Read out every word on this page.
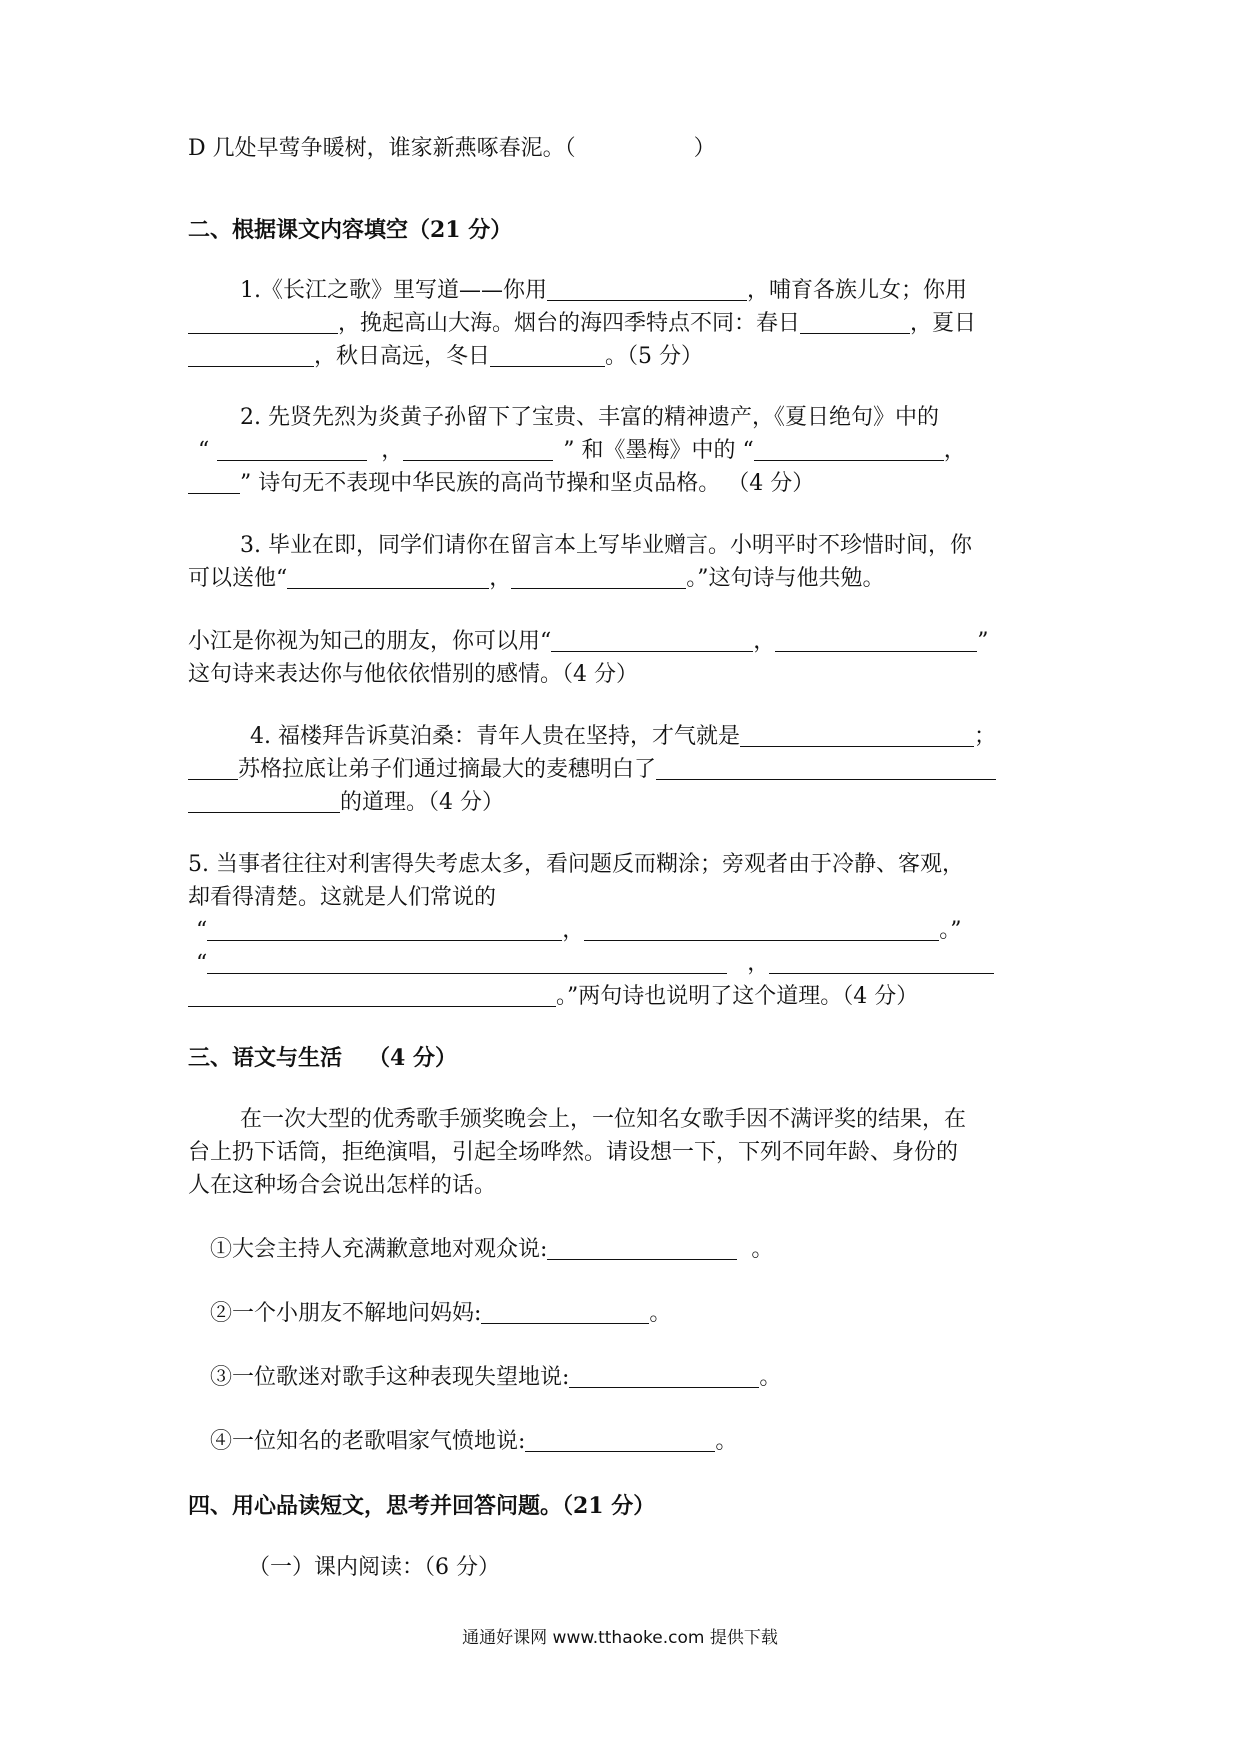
D 几处早莺争暖树，谁家新燕啄春泥。（	）
二、根据课文内容填空（21 分）
1.《长江之歌》里写道——你用	，哺育各族儿女；你用
，挽起高山大海。烟台的海四季特点不同：春日	，夏日
，秋日高远，冬日	。（5 分）
2. 先贤先烈为炎黄子孙留下了宝贵、丰富的精神遗产，《夏日绝句》中的
“	，	” 和《墨梅》中的 “	，
” 诗句无不表现中华民族的高尚节操和坚贞品格。 （4 分）
3. 毕业在即，同学们请你在留言本上写毕业赠言。小明平时不珍惜时间，你
可以送他“	，	。”这句诗与他共勉。
小江是你视为知己的朋友，你可以用“	，	”
这句诗来表达你与他依依惜别的感情。（4 分）
4. 福楼拜告诉莫泊桑：青年人贵在坚持，才气就是	；
苏格拉底让弟子们通过摘最大的麦穗明白了
的道理。（4 分）
5. 当事者往往对利害得失考虑太多，看问题反而糊涂；旁观者由于冷静、客观，
却看得清楚。这就是人们常说的
“	，	。”
“	，
。”两句诗也说明了这个道理。（4 分）
三、语文与生活 （4 分）
在一次大型的优秀歌手颁奖晚会上，一位知名女歌手因不满评奖的结果，在
台上扔下话筒，拒绝演唱，引起全场哗然。请设想一下，下列不同年龄、身份的
人在这种场合会说出怎样的话。
①大会主持人充满歉意地对观众说:	。
②一个小朋友不解地问妈妈:	。
③一位歌迷对歌手这种表现失望地说:	。
④一位知名的老歌唱家气愤地说:	。
四、用心品读短文，思考并回答问题。（21 分）
（一）课内阅读：（6 分）
通通好课网 www.tthaoke.com 提供下载
